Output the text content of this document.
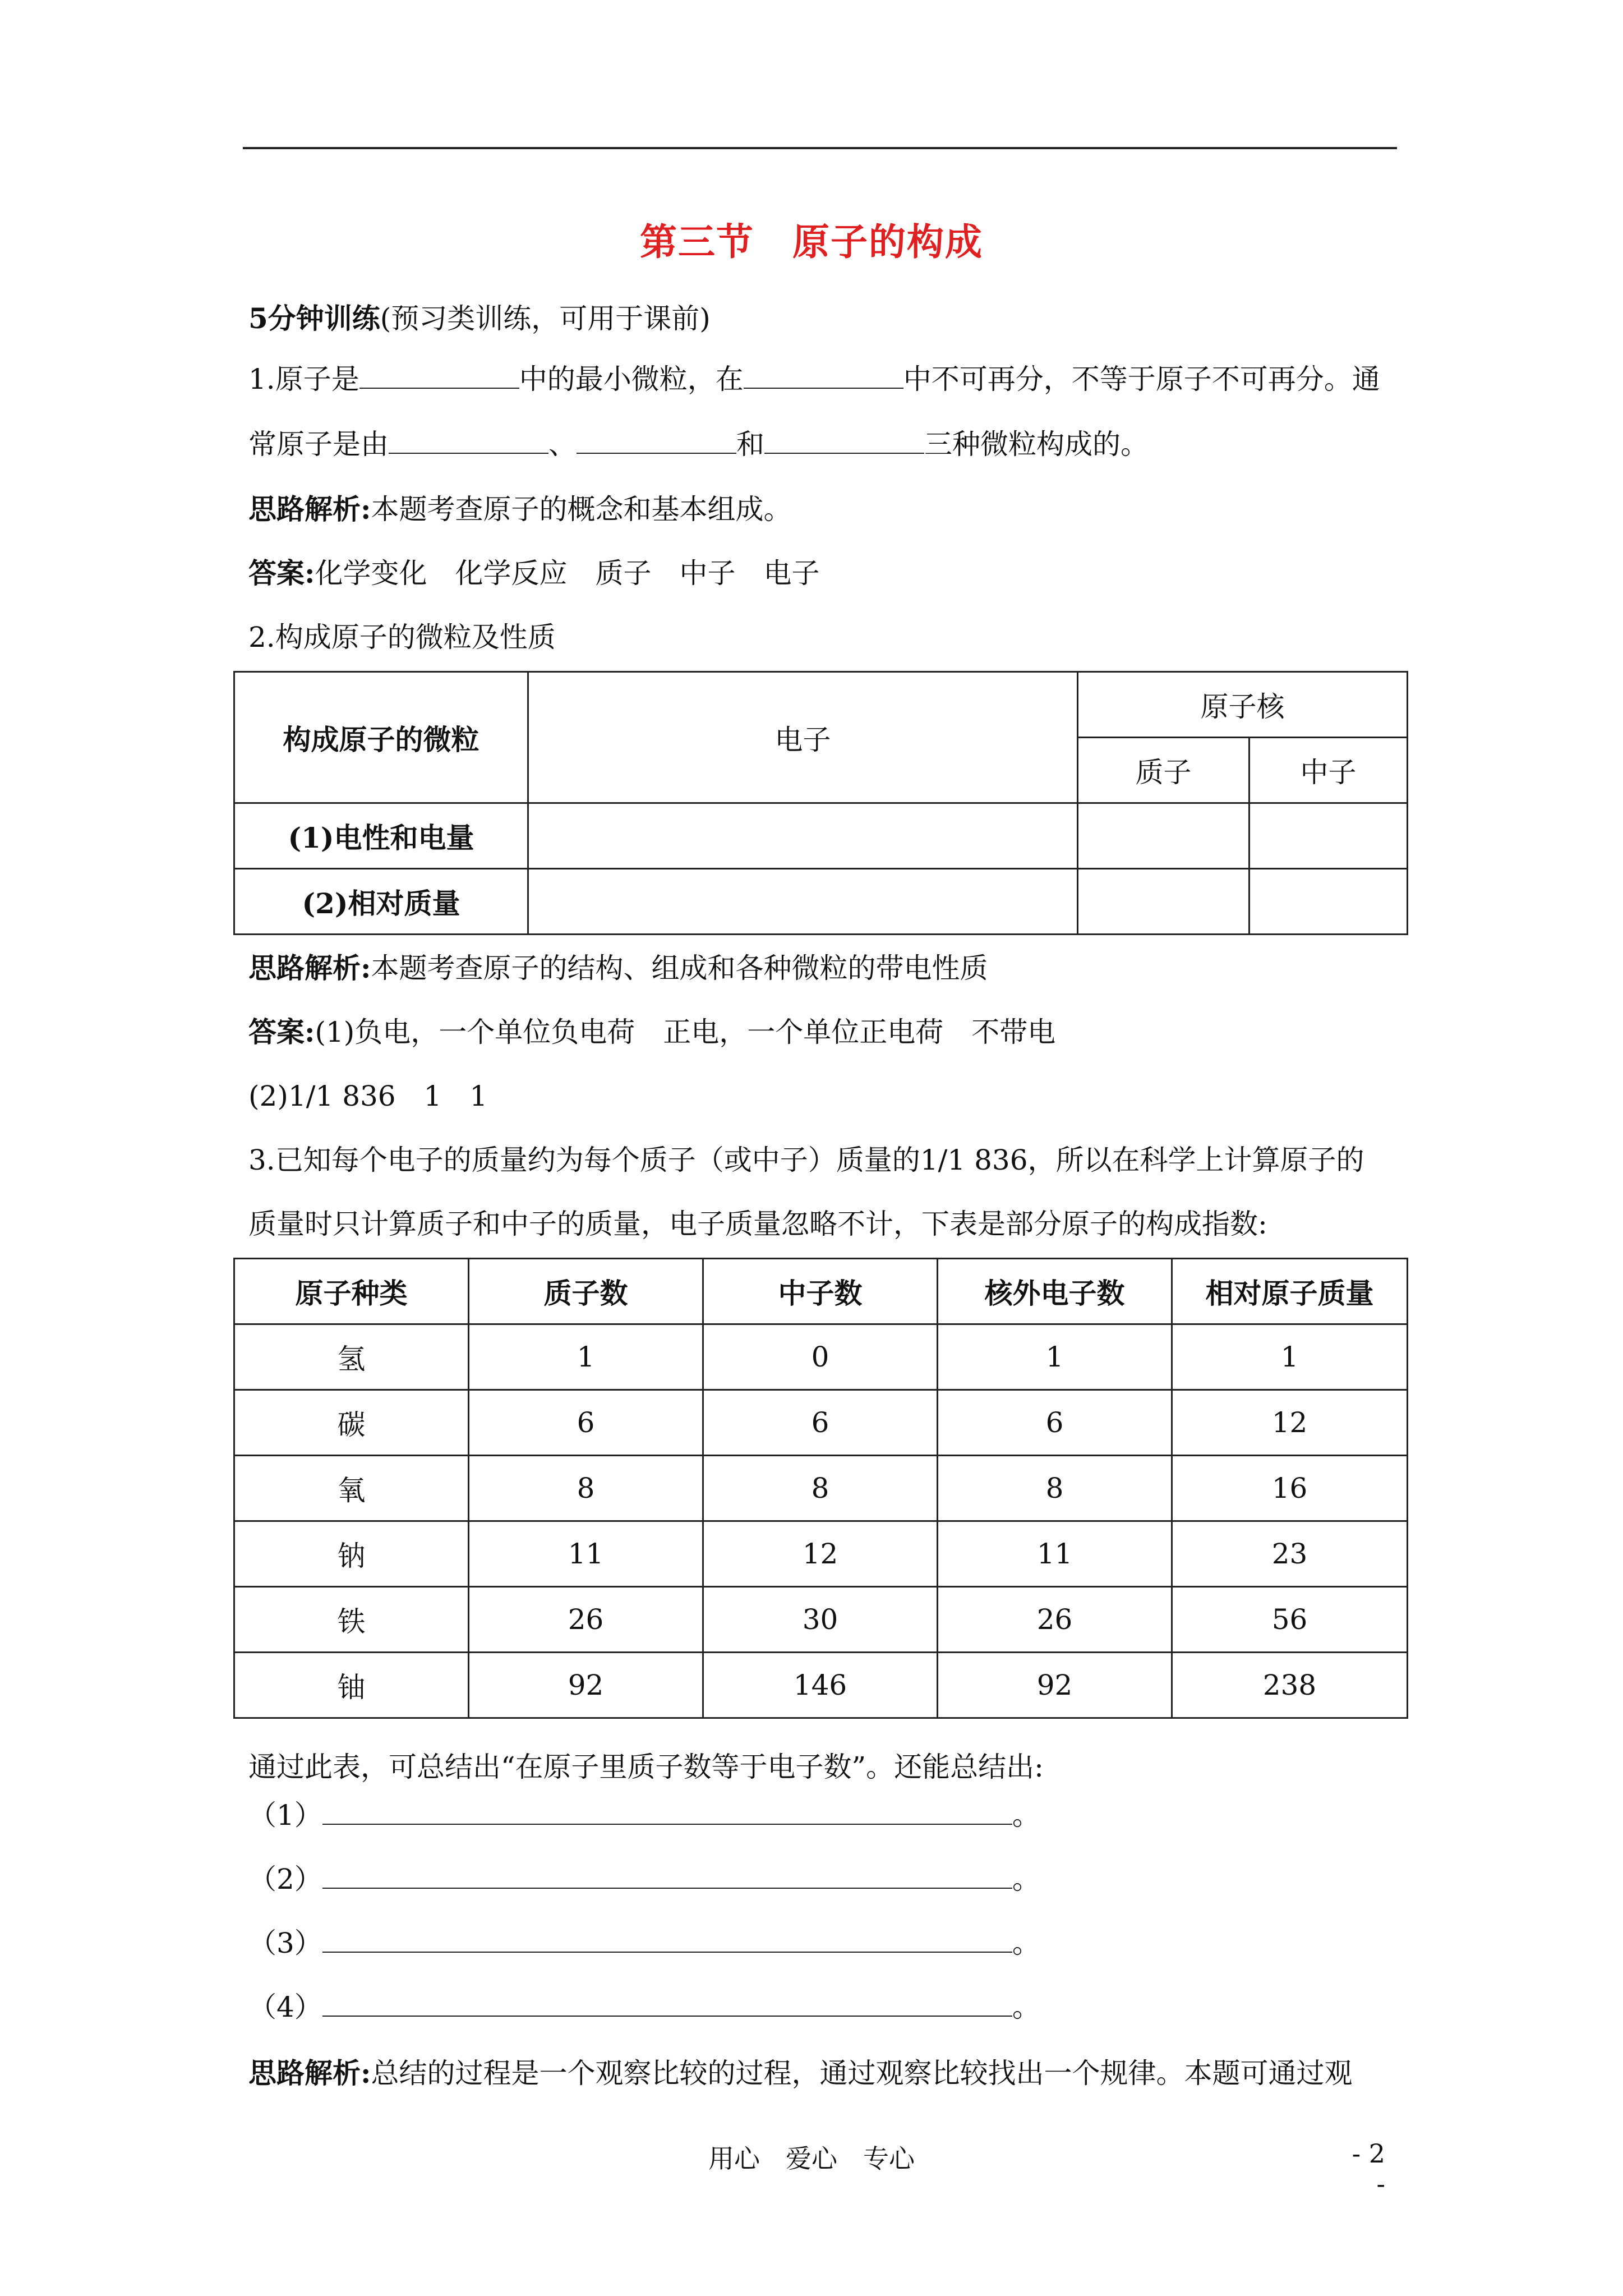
第三节　原子的构成
5分钟训练(预习类训练，可用于课前)
1.原子是	中的最小微粒，在	中不可再分，不等于原子不可再分。通
常原子是由	、	和	三种微粒构成的。
思路解析:本题考查原子的概念和基本组成。
答案:化学变化　化学反应　质子　中子　电子
2.构成原子的微粒及性质
构成原子的微粒	电子	原子核	
		质子	中子
(1)电性和电量			
(2)相对质量			
思路解析:本题考查原子的结构、组成和各种微粒的带电性质
答案:(1)负电，一个单位负电荷　正电，一个单位正电荷　不带电
(2)1/1 836　1　1
3.已知每个电子的质量约为每个质子（或中子）质量的1/1 836，所以在科学上计算原子的
质量时只计算质子和中子的质量，电子质量忽略不计，下表是部分原子的构成指数:
原子种类	质子数	中子数	核外电子数	相对原子质量
氢	1	0	1	1
碳	6	6	6	12
氧	8	8	8	16
钠	11	12	11	23
铁	26	30	26	56
铀	92	146	92	238
通过此表，可总结出“在原子里质子数等于电子数”。还能总结出:
（1）	。
（2）	。
（3）	。
（4）	。
思路解析:总结的过程是一个观察比较的过程，通过观察比较找出一个规律。本题可通过观
用心　爱心　专心	- 2 -
